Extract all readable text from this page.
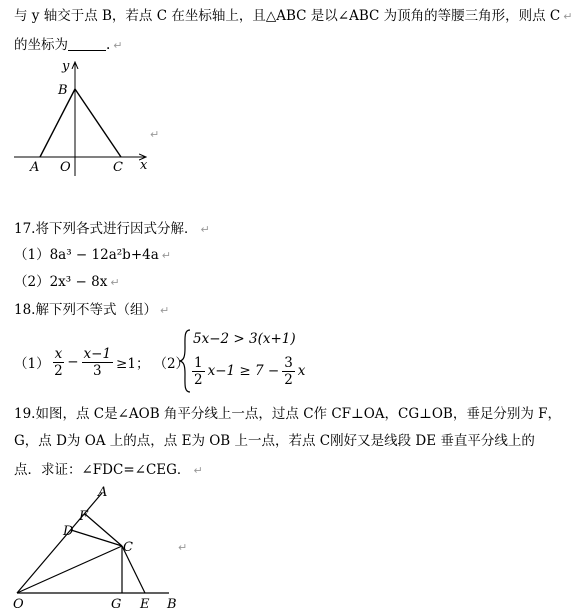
与 y 轴交于点 B，若点 C 在坐标轴上，且△ABC 是以∠ABC 为顶角的等腰三角形，则点 C ↵
的坐标为	. ↵
y
B
A O	C x
↵
17.将下列各式进行因式分解． ↵
（1）8a³ − 12a²b+4a ↵
（2）2x³ − 8x ↵
18.解下列不等式（组） ↵
$(1) \frac{x}{2} - \frac{x-1}{3} \ge 1$； （2）
5x−2 > 3(x+1)
$\frac{1}{2} x-1 \ge 7 - \frac{3}{2}$ x
19.如图，点 C是∠AOB 角平分线上一点，过点 C作 CF⊥OA，CG⊥OB，垂足分别为 F，
G，点 D为 OA 上的点，点 E为 OB 上一点，若点 C刚好又是线段 DE 垂直平分线上的
点．求证：∠FDC=∠CEG． ↵
A
F
D
C
O	G E B
↵
